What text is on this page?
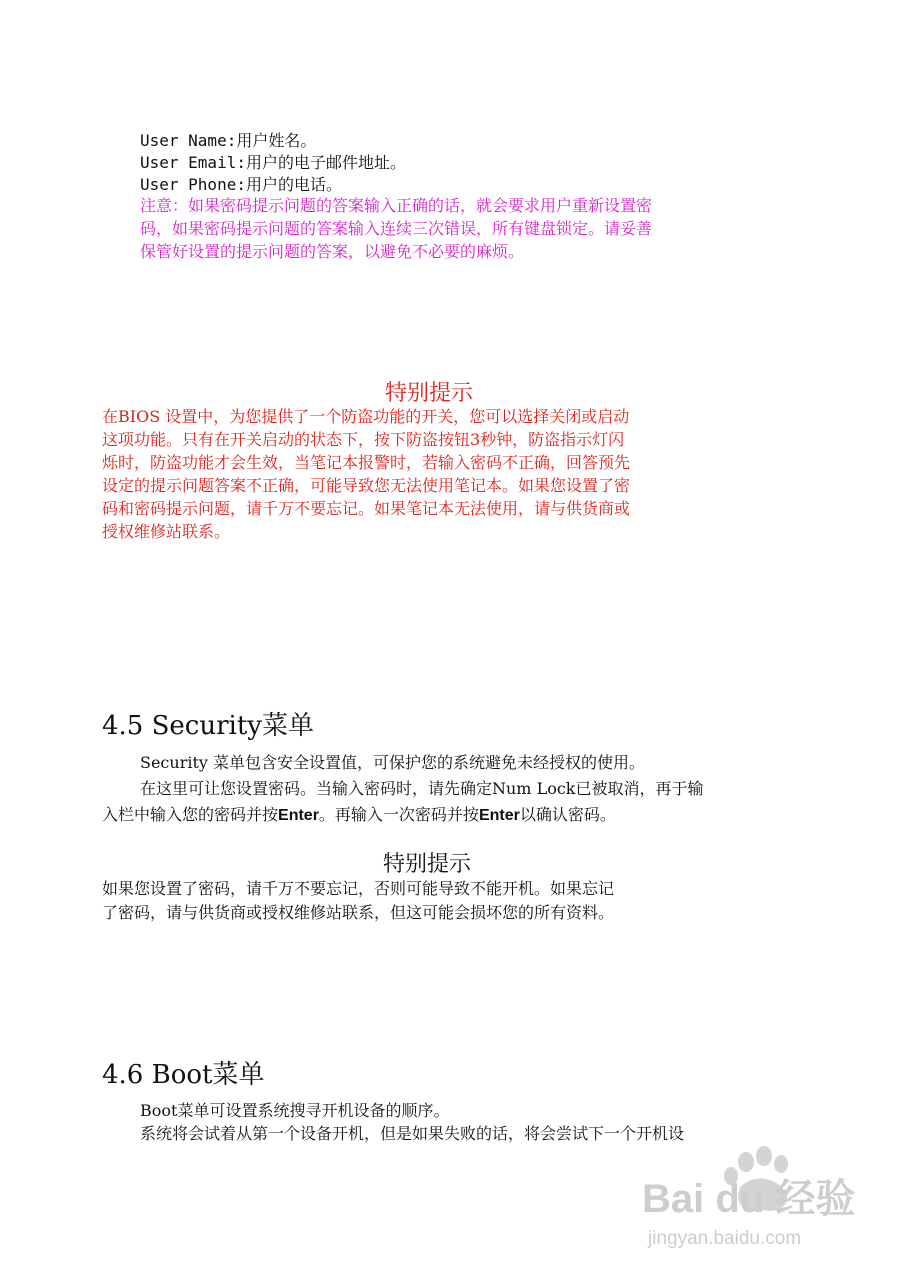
User Name:用户姓名。
User Email:用户的电子邮件地址。
User Phone:用户的电话。
注意：如果密码提示问题的答案输入正确的话，就会要求用户重新设置密
码，如果密码提示问题的答案输入连续三次错误，所有键盘锁定。请妥善
保管好设置的提示问题的答案，以避免不必要的麻烦。
特别提示
在BIOS 设置中，为您提供了一个防盗功能的开关，您可以选择关闭或启动
这项功能。只有在开关启动的状态下，按下防盗按钮3秒钟，防盗指示灯闪
烁时，防盗功能才会生效，当笔记本报警时，若输入密码不正确，回答预先
设定的提示问题答案不正确，可能导致您无法使用笔记本。如果您设置了密
码和密码提示问题，请千万不要忘记。如果笔记本无法使用，请与供货商或
授权维修站联系。
4.5 Security菜单
Security 菜单包含安全设置值，可保护您的系统避免未经授权的使用。
在这里可让您设置密码。当输入密码时，请先确定Num Lock已被取消，再于输
入栏中输入您的密码并按Enter。再输入一次密码并按Enter以确认密码。
特别提示
如果您设置了密码，请千万不要忘记，否则可能导致不能开机。如果忘记
了密码，请与供货商或授权维修站联系，但这可能会损坏您的所有资料。
4.6 Boot菜单
Boot菜单可设置系统搜寻开机设备的顺序。
系统将会试着从第一个设备开机，但是如果失败的话，将会尝试下一个开机设
Bai du 经验
jingyan.baidu.com
